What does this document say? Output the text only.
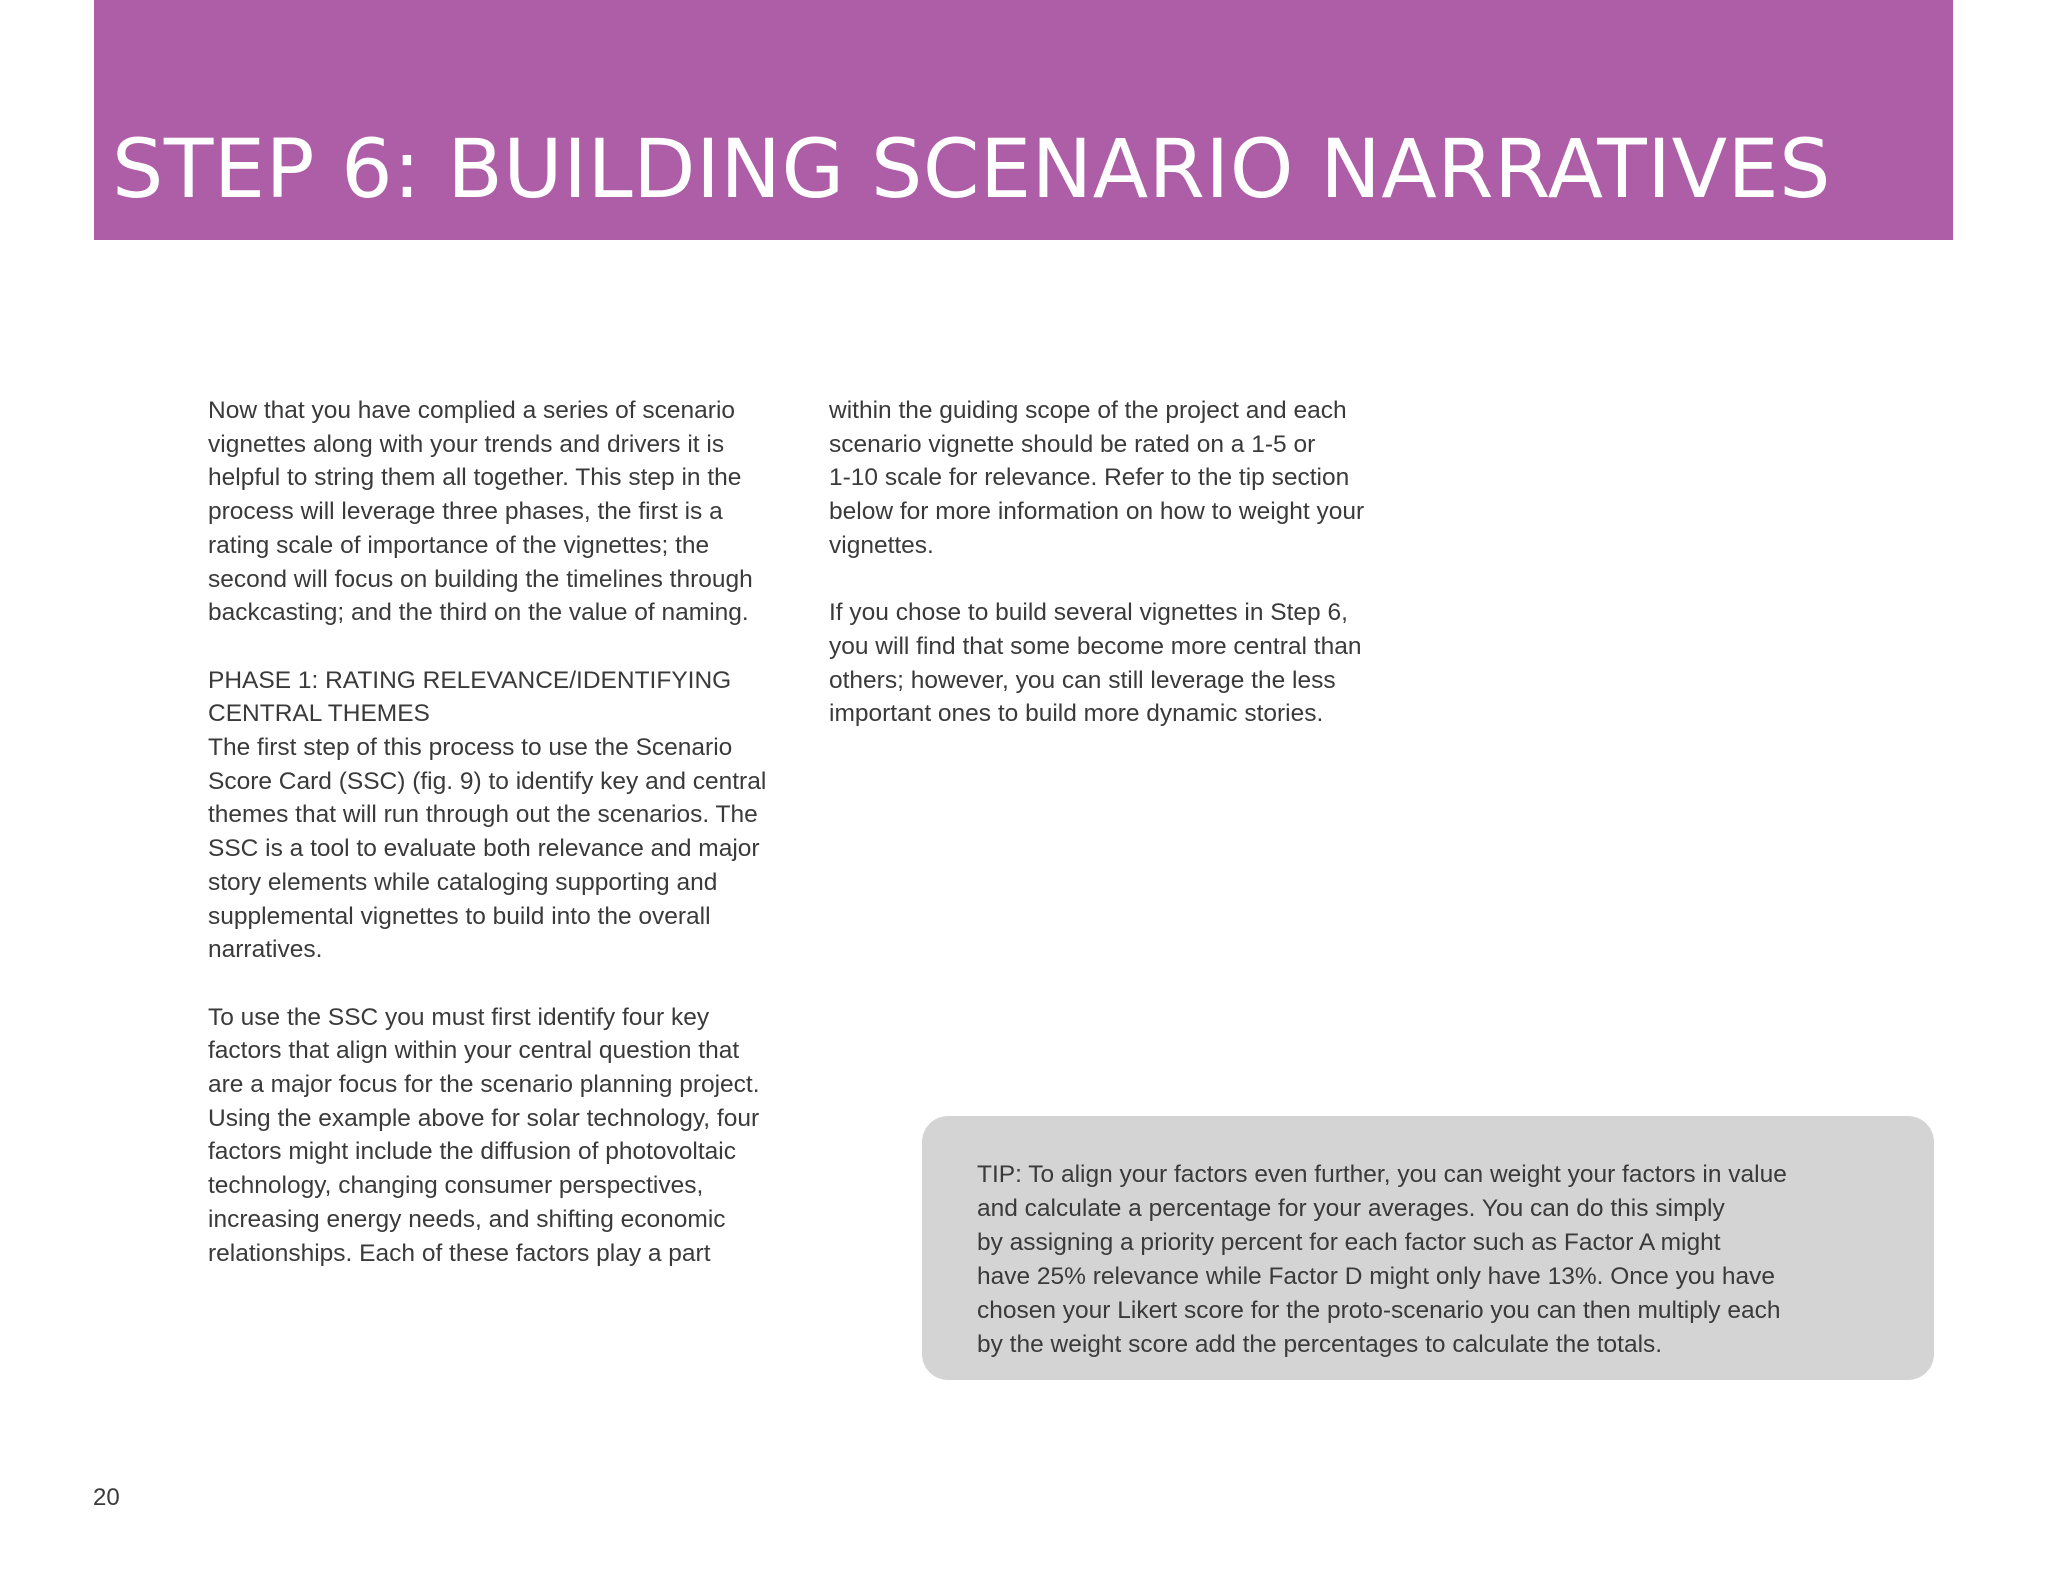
STEP 6: BUILDING SCENARIO NARRATIVES

Now that you have complied a series of scenario
vignettes along with your trends and drivers it is
helpful to string them all together. This step in the
process will leverage three phases, the first is a
rating scale of importance of the vignettes; the
second will focus on building the timelines through
backcasting; and the third on the value of naming.

PHASE 1: RATING RELEVANCE/IDENTIFYING
CENTRAL THEMES

The first step of this process to use the Scenario
Score Card (SSC) (fig. 9) to identify key and central
themes that will run through out the scenarios. The
SSC is a tool to evaluate both relevance and major
story elements while cataloging supporting and
supplemental vignettes to build into the overall
narratives.

To use the SSC you must first identify four key
factors that align within your central question that
are a major focus for the scenario planning project.
Using the example above for solar technology, four
factors might include the diffusion of photovoltaic
technology, changing consumer perspectives,
increasing energy needs, and shifting economic
relationships. Each of these factors play a part

within the guiding scope of the project and each
scenario vignette should be rated on a 1-5 or
1-10 scale for relevance. Refer to the tip section
below for more information on how to weight your
vignettes.

If you chose to build several vignettes in Step 6,
you will find that some become more central than
others; however, you can still leverage the less
important ones to build more dynamic stories.

TIP: To align your factors even further, you can weight your factors in value
and calculate a percentage for your averages. You can do this simply
by assigning a priority percent for each factor such as Factor A might
have 25% relevance while Factor D might only have 13%. Once you have
chosen your Likert score for the proto-scenario you can then multiply each
by the weight score add the percentages to calculate the totals.

20
